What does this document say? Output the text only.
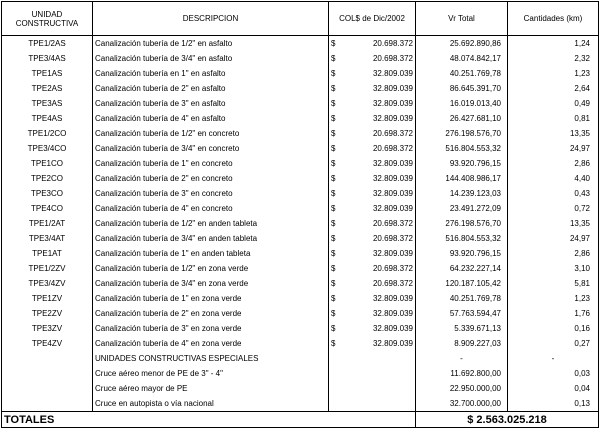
UNIDAD CONSTRUCTIVA	DESCRIPCION	COL$ de Dic/2002	Vr Total	Cantidades (km)
TPE1/2AS	Canalización tubería de 1/2" en asfalto	$ 20.698.372	25.692.890,86	1,24
TPE3/4AS	Canalización tubería de 3/4" en asfalto	$ 20.698.372	48.074.842,17	2,32
TPE1AS	Canalización tubería en 1" en asfalto	$ 32.809.039	40.251.769,78	1,23
TPE2AS	Canalización tubería de 2" en asfalto	$ 32.809.039	86.645.391,70	2,64
TPE3AS	Canalización tubería de 3" en asfalto	$ 32.809.039	16.019.013,40	0,49
TPE4AS	Canalización tubería de 4" en asfalto	$ 32.809.039	26.427.681,10	0,81
TPE1/2CO	Canalización tubería de 1/2" en concreto	$ 20.698.372	276.198.576,70	13,35
TPE3/4CO	Canalización tubería de 3/4" en concreto	$ 20.698.372	516.804.553,32	24,97
TPE1CO	Canalización tubería de 1" en concreto	$ 32.809.039	93.920.796,15	2,86
TPE2CO	Canalización tubería de 2" en concreto	$ 32.809.039	144.408.986,17	4,40
TPE3CO	Canalización tubería de 3" en concreto	$ 32.809.039	14.239.123,03	0,43
TPE4CO	Canalización tubería de 4" en concreto	$ 32.809.039	23.491.272,09	0,72
TPE1/2AT	Canalización tubería de 1/2" en anden tableta	$ 20.698.372	276.198.576,70	13,35
TPE3/4AT	Canalización tubería de 3/4" en anden tableta	$ 20.698.372	516.804.553,32	24,97
TPE1AT	Canalización tubería de 1" en anden tableta	$ 32.809.039	93.920.796,15	2,86
TPE1/2ZV	Canalización tubería de 1/2" en zona verde	$ 20.698.372	64.232.227,14	3,10
TPE3/4ZV	Canalización tubería de 3/4" en zona verde	$ 20.698.372	120.187.105,42	5,81
TPE1ZV	Canalización tubería de 1" en zona verde	$ 32.809.039	40.251.769,78	1,23
TPE2ZV	Canalización tubería de 2" en zona verde	$ 32.809.039	57.763.594,47	1,76
TPE3ZV	Canalización tubería de 3" en zona verde	$ 32.809.039	5.339.671,13	0,16
TPE4ZV	Canalización tubería de 4" en zona verde	$ 32.809.039	8.909.227,03	0,27
	UNIDADES CONSTRUCTIVAS ESPECIALES		-	-
	Cruce aéreo menor de PE de 3" - 4"		11.692.800,00	0,03
	Cruce aéreo mayor de PE		22.950.000,00	0,04
	Cruce en autopista o vía nacional		32.700.000,00	0,13
TOTALES			$ 2.563.025.218	
